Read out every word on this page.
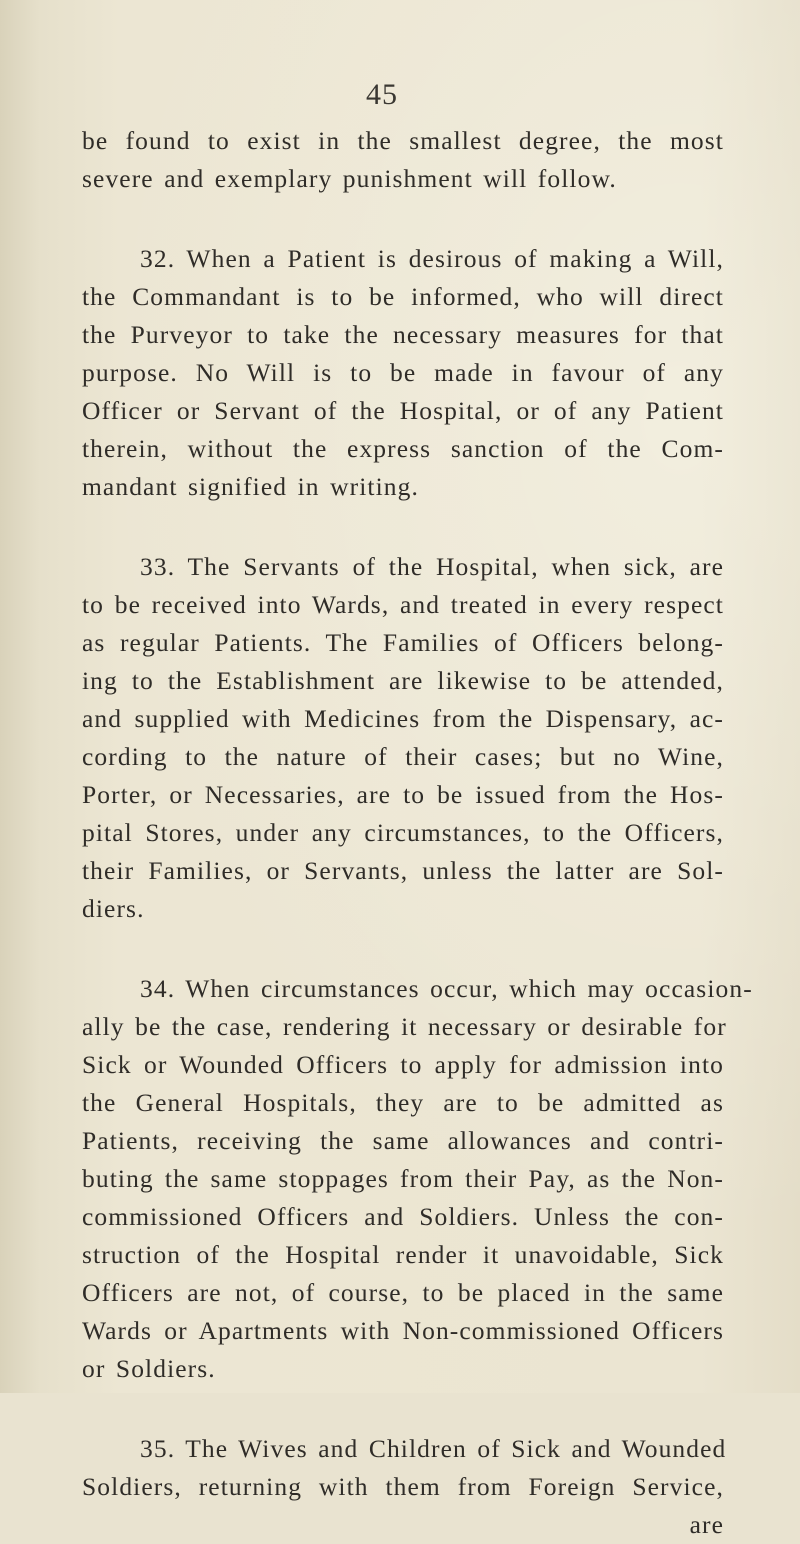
45
be found to exist in the smallest degree, the most
severe and exemplary punishment will follow.
32. When a Patient is desirous of making a Will,
the Commandant is to be informed, who will direct
the Purveyor to take the necessary measures for that
purpose. No Will is to be made in favour of any
Officer or Servant of the Hospital, or of any Patient
therein, without the express sanction of the Com-
mandant signified in writing.
33. The Servants of the Hospital, when sick, are
to be received into Wards, and treated in every respect
as regular Patients. The Families of Officers belong-
ing to the Establishment are likewise to be attended,
and supplied with Medicines from the Dispensary, ac-
cording to the nature of their cases; but no Wine,
Porter, or Necessaries, are to be issued from the Hos-
pital Stores, under any circumstances, to the Officers,
their Families, or Servants, unless the latter are Sol-
diers.
34. When circumstances occur, which may occasion-
ally be the case, rendering it necessary or desirable for
Sick or Wounded Officers to apply for admission into
the General Hospitals, they are to be admitted as
Patients, receiving the same allowances and contri-
buting the same stoppages from their Pay, as the Non-
commissioned Officers and Soldiers. Unless the con-
struction of the Hospital render it unavoidable, Sick
Officers are not, of course, to be placed in the same
Wards or Apartments with Non-commissioned Officers
or Soldiers.
35. The Wives and Children of Sick and Wounded
Soldiers, returning with them from Foreign Service,
are
